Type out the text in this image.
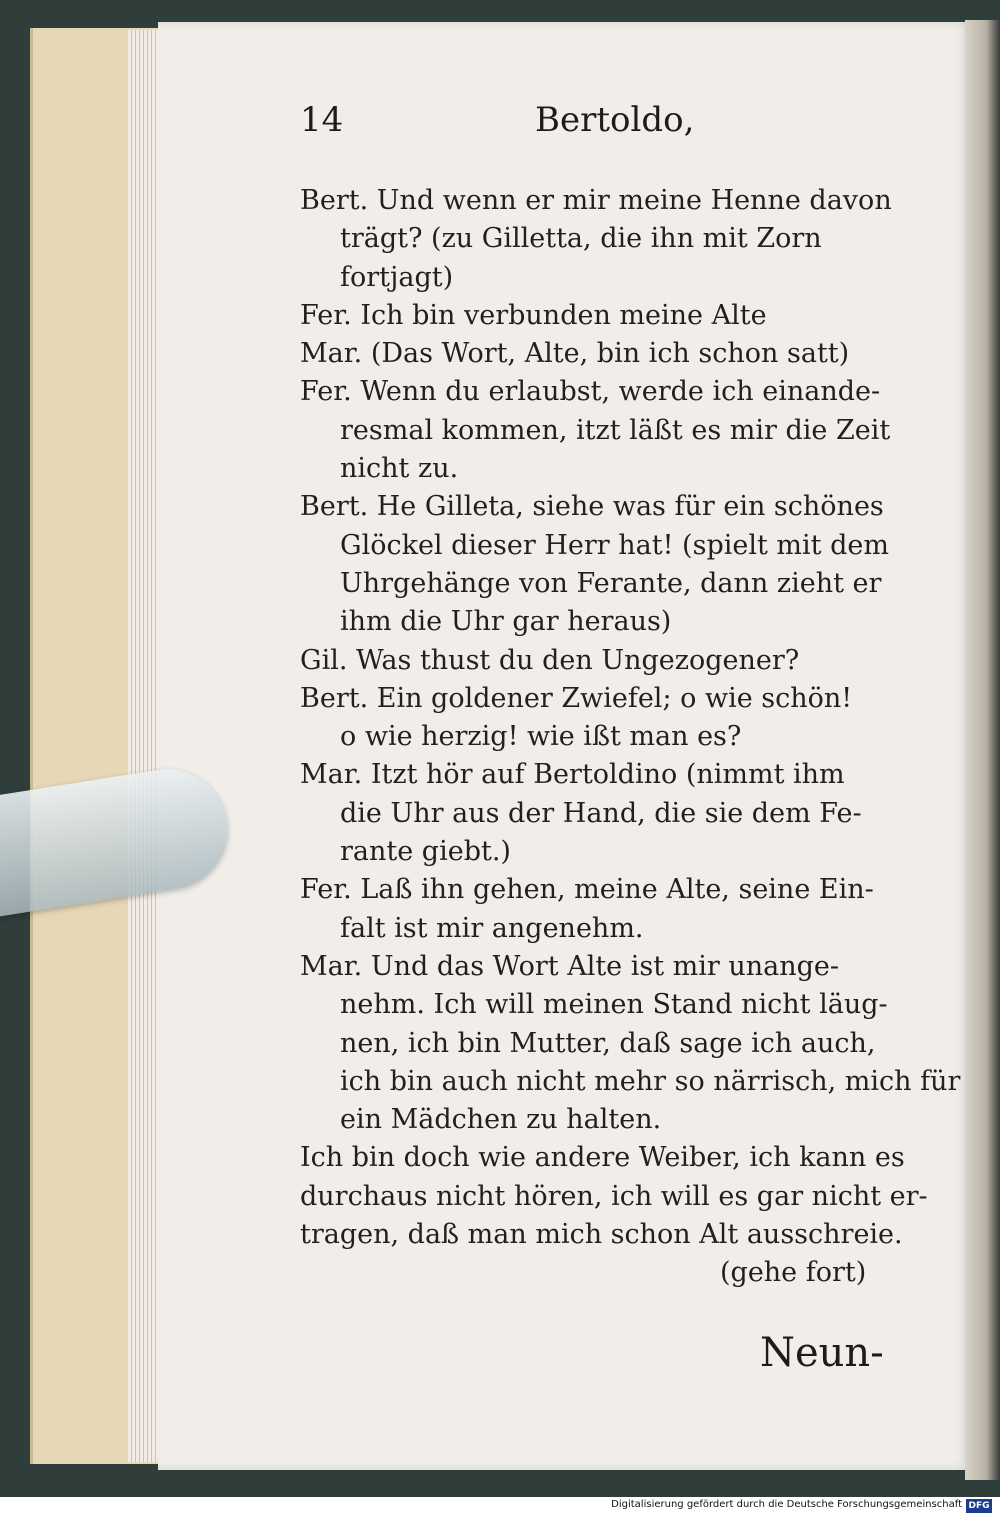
14	Bertoldo,
Bert. Und wenn er mir meine Henne davon
trägt? (zu Gilletta, die ihn mit Zorn
fortjagt)
Fer. Ich bin verbunden meine Alte
Mar. (Das Wort, Alte, bin ich schon satt)
Fer. Wenn du erlaubst, werde ich einande-
resmal kommen, itzt läßt es mir die Zeit
nicht zu.
Bert. He Gilleta, siehe was für ein schönes
Glöckel dieser Herr hat! (spielt mit dem
Uhrgehänge von Ferante, dann zieht er
ihm die Uhr gar heraus)
Gil. Was thust du den Ungezogener?
Bert. Ein goldener Zwiefel; o wie schön!
o wie herzig! wie ißt man es?
Mar. Itzt hör auf Bertoldino (nimmt ihm
die Uhr aus der Hand, die sie dem Fe-
rante giebt.)
Fer. Laß ihn gehen, meine Alte, seine Ein-
falt ist mir angenehm.
Mar. Und das Wort Alte ist mir unange-
nehm. Ich will meinen Stand nicht läug-
nen, ich bin Mutter, daß sage ich auch,
ich bin auch nicht mehr so närrisch, mich für
ein Mädchen zu halten.
Ich bin doch wie andere Weiber, ich kann es
durchaus nicht hören, ich will es gar nicht er-
tragen, daß man mich schon Alt ausschreie.
(gehe fort)
Neun-
Digitalisierung gefördert durch die Deutsche Forschungsgemeinschaft DFG
